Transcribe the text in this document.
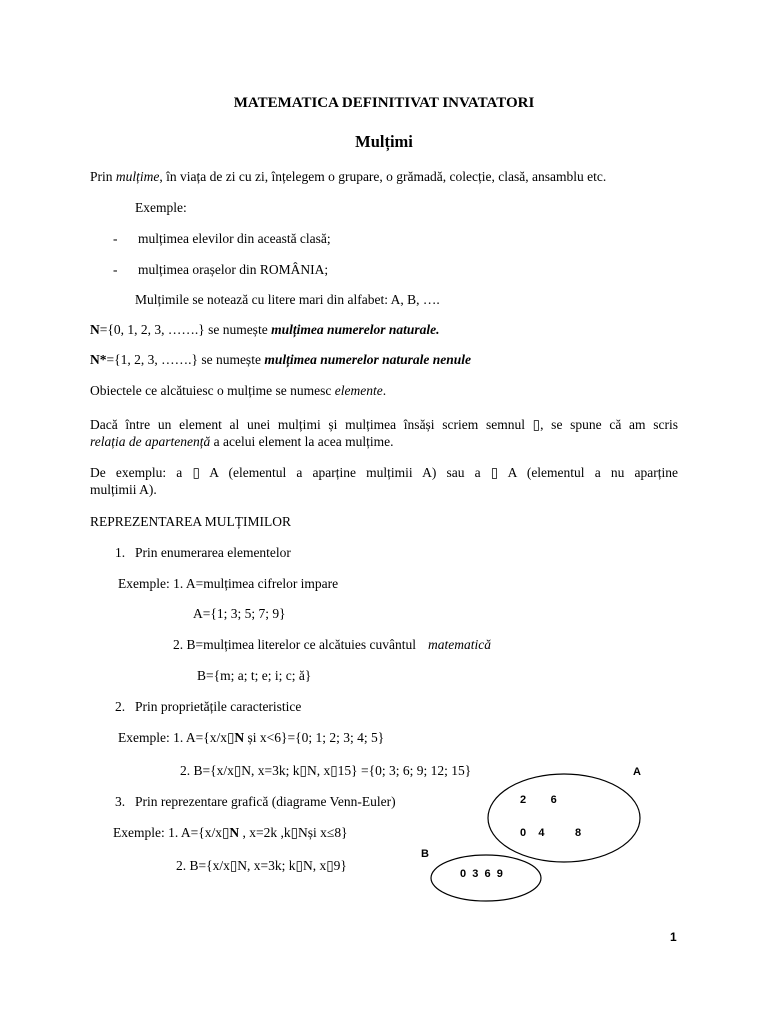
MATEMATICA DEFINITIVAT INVATATORI
Mulțimi
Prin mulțime, în viața de zi cu zi, înțelegem o grupare, o grămadă, colecție, clasă, ansamblu etc.
Exemple:
- mulțimea elevilor din această clasă;
- mulțimea orașelor din ROMÂNIA;
Mulțimile se notează cu litere mari din alfabet: A, B, ….
N={0, 1, 2, 3, …….} se numește mulțimea numerelor naturale.
N*={1, 2, 3, …….} se numește mulțimea numerelor naturale nenule
Obiectele ce alcătuiesc o mulțime se numesc elemente.
Dacă între un element al unei mulțimi și mulțimea însăși scriem semnul ▯, se spune că am scris
relația de apartenență a acelui element la acea mulțime.
De exemplu: a ▯ A (elementul a aparține mulțimii A) sau a ▯ A (elementul a nu aparține
mulțimii A).
REPREZENTAREA MULȚIMILOR
1. Prin enumerarea elementelor
Exemple: 1. A=mulțimea cifrelor impare
A={1; 3; 5; 7; 9}
2. B=mulțimea literelor ce alcătuies cuvântul matematică
B={m; a; t; e; i; c; ă}
2. Prin proprietățile caracteristice
Exemple: 1. A={x/x▯N și x<6}={0; 1; 2; 3; 4; 5}
2. B={x/x▯N, x=3k; k▯N, x▯15} ={0; 3; 6; 9; 12; 15}
3. Prin reprezentare grafică (diagrame Venn-Euler)
Exemple: 1. A={x/x▯N , x=2k ,k▯Nși x≤8}
2. B={x/x▯N, x=3k; k▯N, x▯9}
A
2        6
0    4          8
B
0  3  6  9
1
